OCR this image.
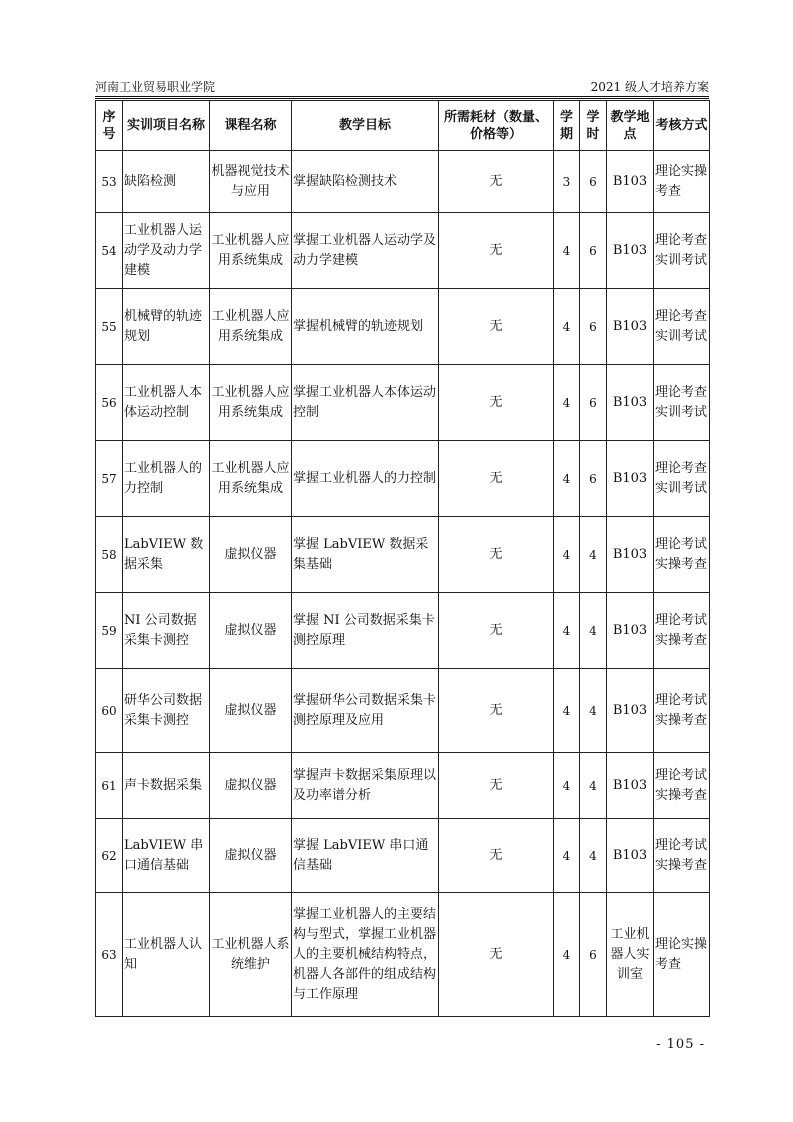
河南工业贸易职业学院	2021 级人才培养方案
序号	实训项目名称	课程名称	教学目标	所需耗材（数量、价格等）	学期	学时	教学地点	考核方式
53	缺陷检测	机器视觉技术与应用	掌握缺陷检测技术	无	3	6	B103	理论实操考查
54	工业机器人运动学及动力学建模	工业机器人应用系统集成	掌握工业机器人运动学及动力学建模	无	4	6	B103	理论考查实训考试
55	机械臂的轨迹规划	工业机器人应用系统集成	掌握机械臂的轨迹规划	无	4	6	B103	理论考查实训考试
56	工业机器人本体运动控制	工业机器人应用系统集成	掌握工业机器人本体运动控制	无	4	6	B103	理论考查实训考试
57	工业机器人的力控制	工业机器人应用系统集成	掌握工业机器人的力控制	无	4	6	B103	理论考查实训考试
58	LabVIEW 数据采集	虚拟仪器	掌握 LabVIEW 数据采集基础	无	4	4	B103	理论考试实操考查
59	NI 公司数据采集卡测控	虚拟仪器	掌握 NI 公司数据采集卡测控原理	无	4	4	B103	理论考试实操考查
60	研华公司数据采集卡测控	虚拟仪器	掌握研华公司数据采集卡测控原理及应用	无	4	4	B103	理论考试实操考查
61	声卡数据采集	虚拟仪器	掌握声卡数据采集原理以及功率谱分析	无	4	4	B103	理论考试实操考查
62	LabVIEW 串口通信基础	虚拟仪器	掌握 LabVIEW 串口通信基础	无	4	4	B103	理论考试实操考查
63	工业机器人认知	工业机器人系统维护	掌握工业机器人的主要结构与型式，掌握工业机器人的主要机械结构特点，机器人各部件的组成结构与工作原理	无	4	6	工业机器人实训室	理论实操考查
- 105 -
